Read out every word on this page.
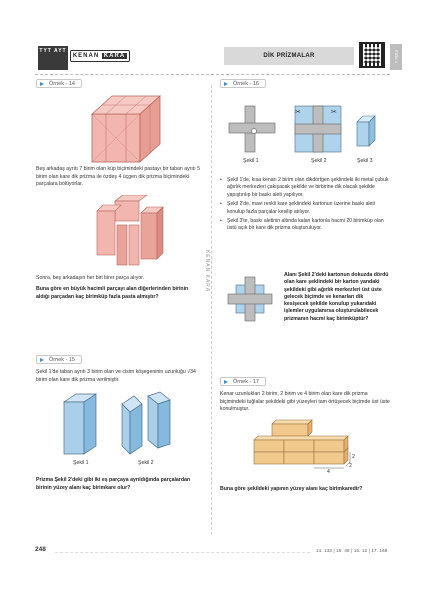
TYT AYT
KENAN KARA	DİK PRİZMALAR	FİZİK 1
KENAN KARA
Örnek - 14
Beş arkadaş ayrıtı 7 birim olan küp biçimindeki pastayı bir taban ayrıtı 5 birim olan kare dik prizma ile özdeş 4 üçgen dik prizma biçimindeki parçalara bölüyorlar.
Sonra, beş arkadaşın her biri birer parça alıyor.
Buna göre en büyük hacimli parçayı alan diğerlerinden birinin aldığı parçadan kaç birimküp fazla pasta almıştır?
Örnek - 15
Şekil 1'de taban ayrıtı 3 birim olan ve cisim köşegeninin uzunluğu √34 birim olan kare dik prizma verilmiştir.
Şekil 1	Şekil 2
Prizma Şekil 2'deki gibi iki eş parçaya ayrıldığında parçalardan birinin yüzey alanı kaç birimkare olur?
Örnek - 16
✂
✂
Şekil 1	Şekil 2	Şekil 3
• Şekil 1'de, kısa kenarı 2 birim olan dikdörtgen şeklindeki iki metal çubuk ağırlık merkezleri çakışacak şekilde ve birbirine dik olacak şekilde yapıştırılıp bir baskı aleti yapılıyor.
• Şekil 2'de, mavi renkli kare şeklindeki kartonun üzerine baskı aleti konulup fazla parçalar kesilip atılıyor.
• Şekil 3'te, baskı aletinin altında kalan kartonla hacmi 20 birimküp olan üstü açık bir kare dik prizma oluşturuluyor.
Alanı Şekil 2'deki kartonun dokuzda dördü olan kare şeklindeki bir karton yandaki şekildeki gibi ağırlık merkezleri üst üste gelecek biçimde ve kenarları dik kesişecek şekilde konulup yukarıdaki işlemler uygulanırsa oluşturulabilecek prizmanın hacmi kaç birimküptür?
Örnek - 17
Kenar uzunlukları 2 birim, 2 birim ve 4 birim olan kare dik prizma biçimindeki tuğlalar şekildeki gibi yüzeyleri tam örtüşecek biçimde üst üste konulmuştur.
2
2
4
Buna göre şekildeki yapının yüzey alanı kaç birimkaredir?
248	14. 133 | 15. 48 | 16. 12 | 17. 168
